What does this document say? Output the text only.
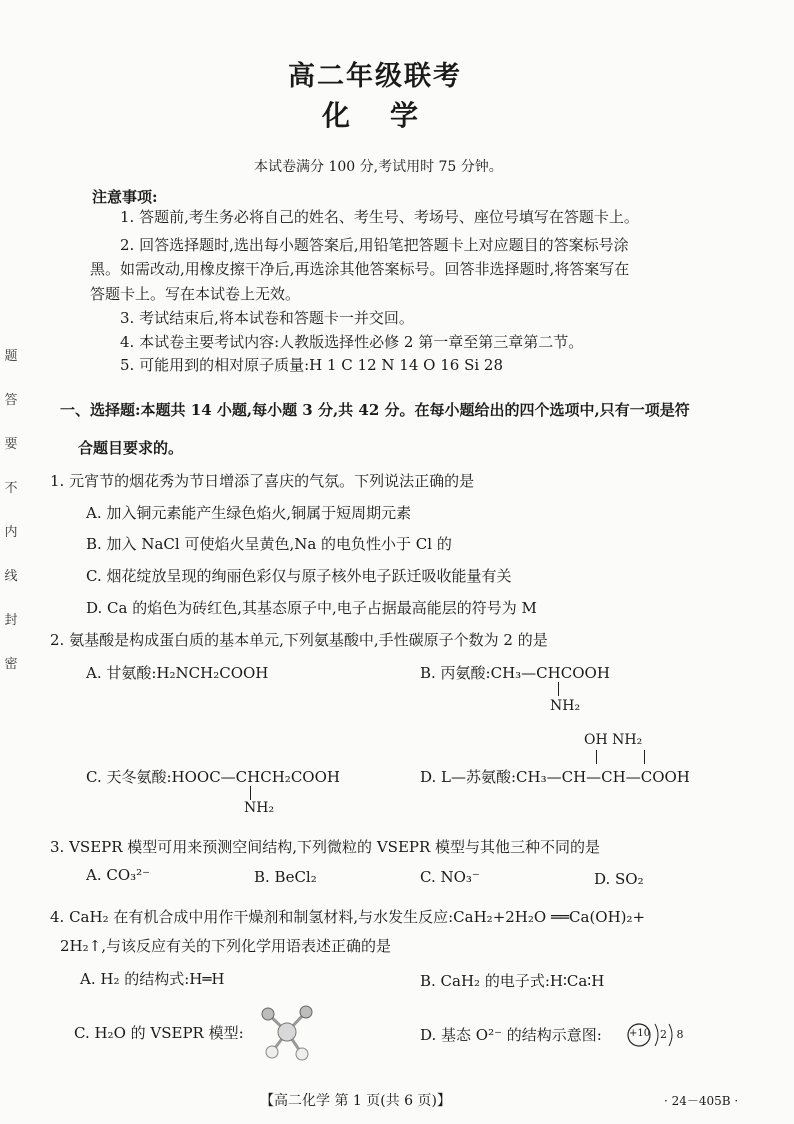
题
答
要
不
内
线
封
密
高二年级联考
化学
本试卷满分 100 分,考试用时 75 分钟。
注意事项:
1. 答题前,考生务必将自己的姓名、考生号、考场号、座位号填写在答题卡上。
2. 回答选择题时,选出每小题答案后,用铅笔把答题卡上对应题目的答案标号涂
黑。如需改动,用橡皮擦干净后,再选涂其他答案标号。回答非选择题时,将答案写在
答题卡上。写在本试卷上无效。
3. 考试结束后,将本试卷和答题卡一并交回。
4. 本试卷主要考试内容:人教版选择性必修 2 第一章至第三章第二节。
5. 可能用到的相对原子质量:H 1 C 12 N 14 O 16 Si 28
一、选择题:本题共 14 小题,每小题 3 分,共 42 分。在每小题给出的四个选项中,只有一项是符
合题目要求的。
1. 元宵节的烟花秀为节日增添了喜庆的气氛。下列说法正确的是
A. 加入铜元素能产生绿色焰火,铜属于短周期元素
B. 加入 NaCl 可使焰火呈黄色,Na 的电负性小于 Cl 的
C. 烟花绽放呈现的绚丽色彩仅与原子核外电子跃迁吸收能量有关
D. Ca 的焰色为砖红色,其基态原子中,电子占据最高能层的符号为 M
2. 氨基酸是构成蛋白质的基本单元,下列氨基酸中,手性碳原子个数为 2 的是
A. 甘氨酸:H₂NCH₂COOH	B. 丙氨酸:CH₃—CHCOOH
NH₂
OH NH₂
C. 天冬氨酸:HOOC—CHCH₂COOH
NH₂
D. L—苏氨酸:CH₃—CH—CH—COOH
3. VSEPR 模型可用来预测空间结构,下列微粒的 VSEPR 模型与其他三种不同的是
A. CO₃²⁻	B. BeCl₂	C. NO₃⁻	D. SO₂
4. CaH₂ 在有机合成中用作干燥剂和制氢材料,与水发生反应:CaH₂+2H₂O ══Ca(OH)₂+
2H₂↑,与该反应有关的下列化学用语表述正确的是
A. H₂ 的结构式:H═H	B. CaH₂ 的电子式:H∶Ca∶H
C. H₂O 的 VSEPR 模型:	D. 基态 O²⁻ 的结构示意图:	+10 2 8
【高二化学 第 1 页(共 6 页)】	· 24－405B ·
